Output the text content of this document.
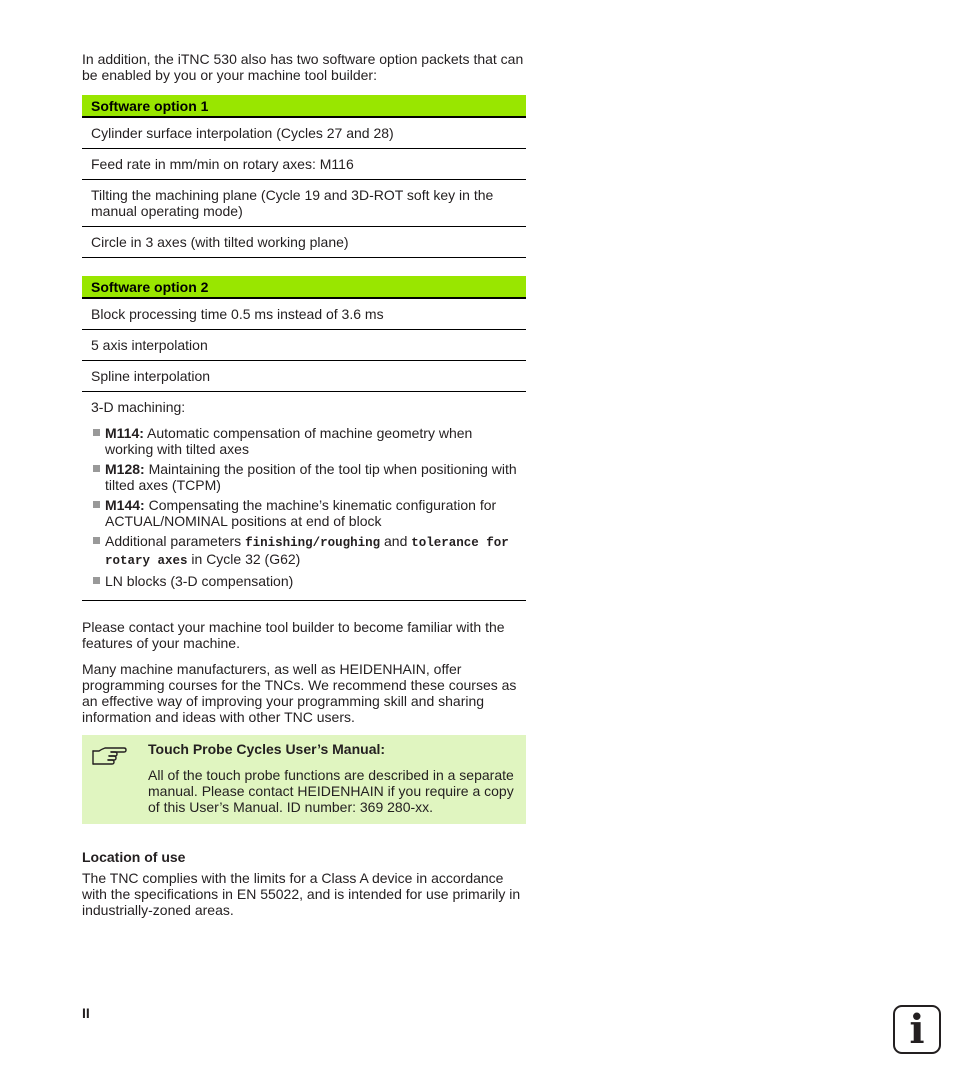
In addition, the iTNC 530 also has two software option packets that can be enabled by you or your machine tool builder:

Software option 1
Cylinder surface interpolation (Cycles 27 and 28)
Feed rate in mm/min on rotary axes: M116
Tilting the machining plane (Cycle 19 and 3D-ROT soft key in the manual operating mode)
Circle in 3 axes (with tilted working plane)
Software option 2
Block processing time 0.5 ms instead of 3.6 ms
5 axis interpolation
Spline interpolation

3-D machining:
M114: Automatic compensation of machine geometry when working with tilted axes
M128: Maintaining the position of the tool tip when positioning with tilted axes (TCPM)
M144: Compensating the machine’s kinematic configuration for ACTUAL/NOMINAL positions at end of block
Additional parameters finishing/roughing and tolerance for rotary axes in Cycle 32 (G62)
LN blocks (3-D compensation)

Please contact your machine tool builder to become familiar with the features of your machine.

Many machine manufacturers, as well as HEIDENHAIN, offer programming courses for the TNCs. We recommend these courses as an effective way of improving your programming skill and sharing information and ideas with other TNC users.

Touch Probe Cycles User’s Manual:
All of the touch probe functions are described in a separate manual. Please contact HEIDENHAIN if you require a copy of this User’s Manual. ID number: 369 280-xx.
Location of use

The TNC complies with the limits for a Class A device in accordance with the specifications in EN 55022, and is intended for use primarily in industrially-zoned areas.

II	i
